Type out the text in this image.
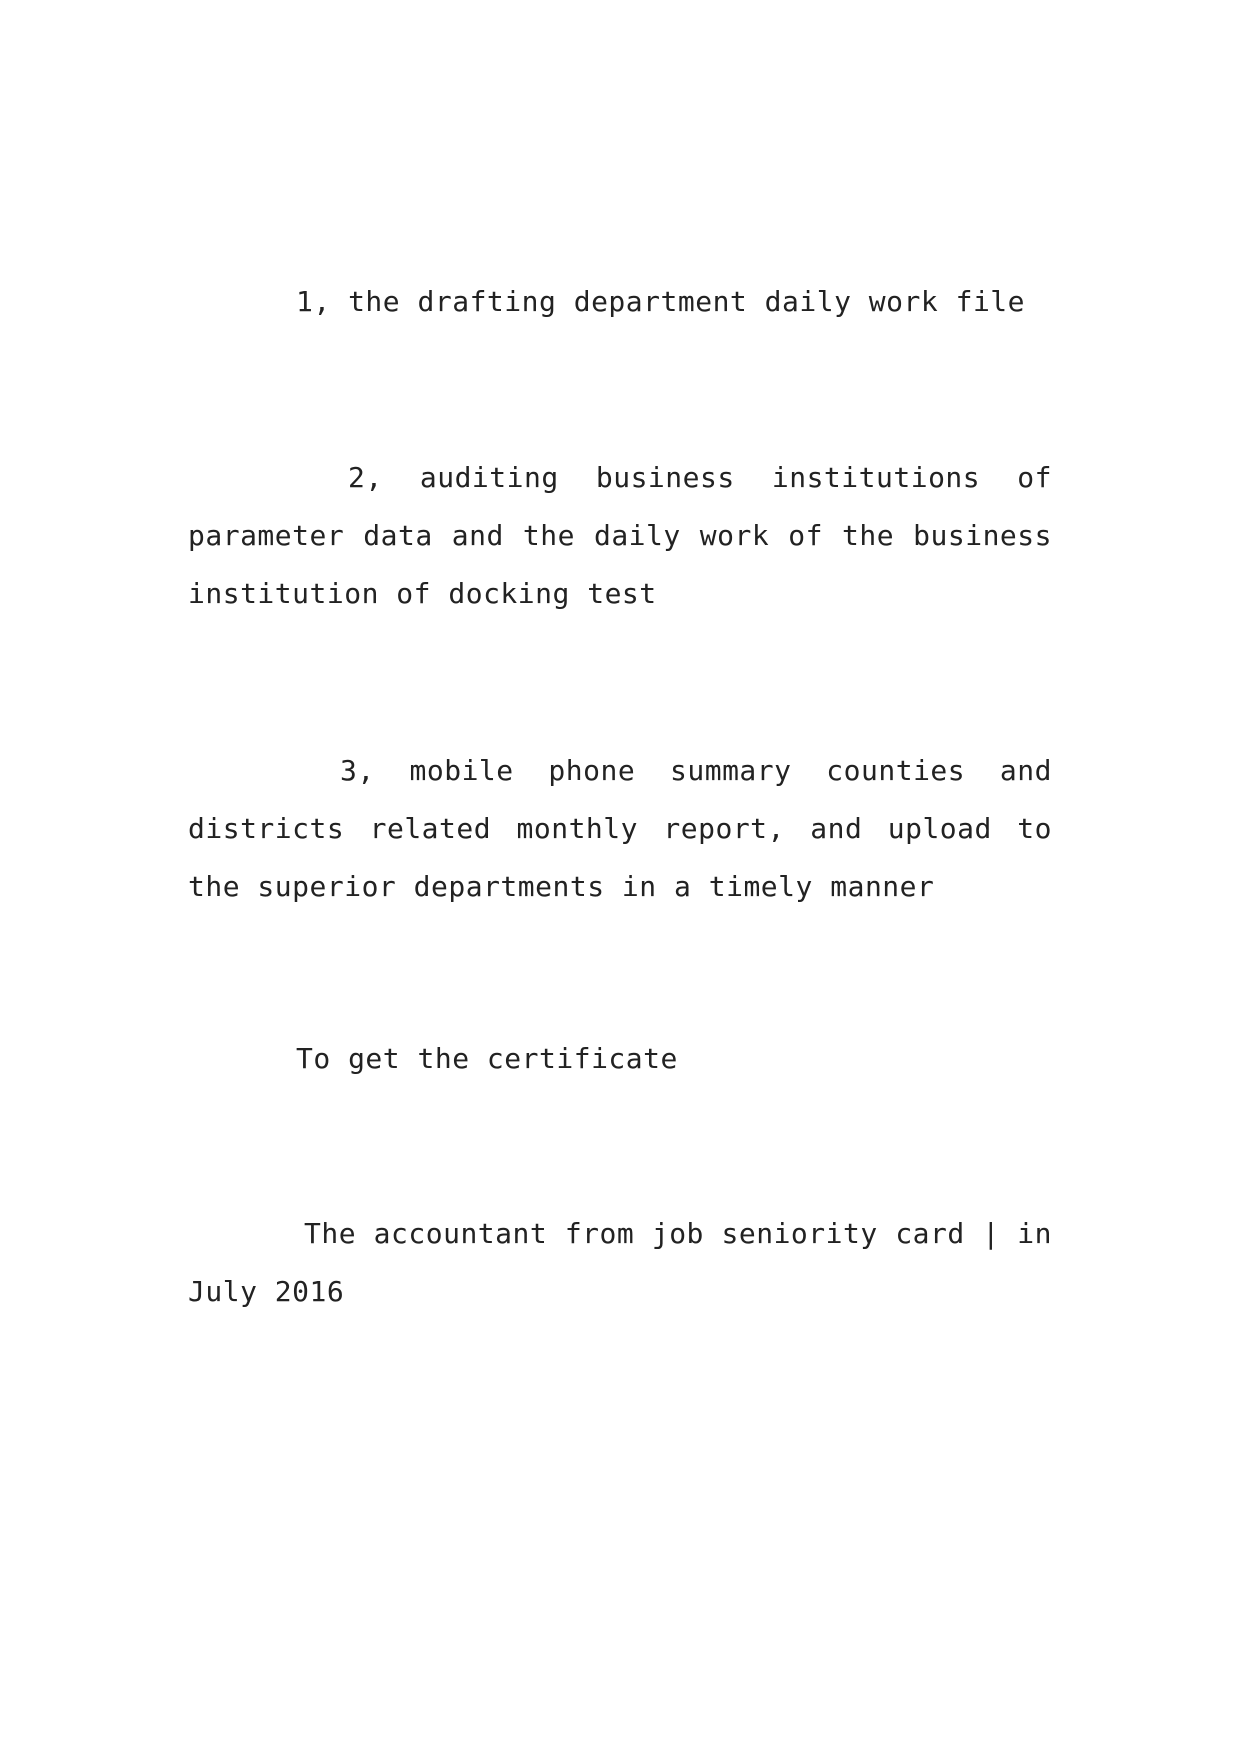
1, the drafting department daily work file

2, auditing business institutions of parameter data and the daily work of the business institution of docking test

3, mobile phone summary counties and districts related monthly report, and upload to the superior departments in a timely manner

To get the certificate

The accountant from job seniority card | in July 2016
